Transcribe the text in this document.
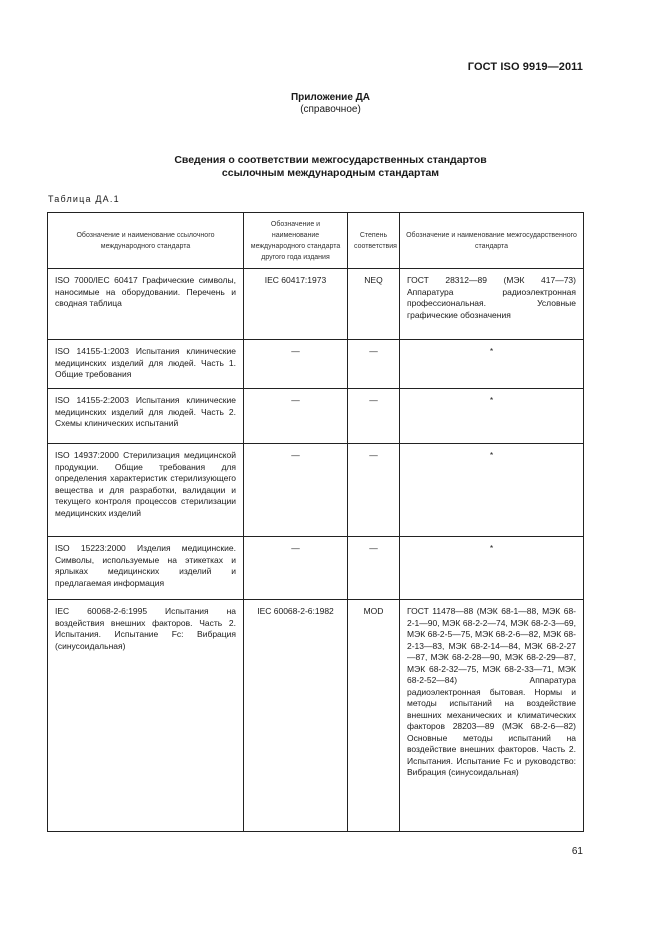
ГОСТ ISO 9919—2011
Приложение ДА
(справочное)
Сведения о соответствии межгосударственных стандартов
ссылочным международным стандартам
Таблица ДА.1
Обозначение и наименование ссылочного международного стандарта	Обозначение и наименование международного стандарта другого года издания	Степень соответствия	Обозначение и наименование межгосударственного стандарта

ISO 7000/IEC 60417 Графические символы, наносимые на оборудовании. Перечень и сводная таблица	IEC 60417:1973	NEQ	ГОСТ 28312—89 (МЭК 417—73) Аппаратура радиоэлектронная профессиональная. Условные графические обозначения

ISO 14155-1:2003 Испытания клинические медицинских изделий для людей. Часть 1. Общие требования	—	—	*

ISO 14155-2:2003 Испытания клинические медицинских изделий для людей. Часть 2. Схемы клинических испытаний	—	—	*

ISO 14937:2000 Стерилизация медицинской продукции. Общие требования для определения характеристик стерилизующего вещества и для разработки, валидации и текущего контроля процессов стерилизации медицинских изделий	—	—	*

ISO 15223:2000 Изделия медицинские. Символы, используемые на этикетках и ярлыках медицинских изделий и предлагаемая информация	—	—	*

IEC 60068-2-6:1995 Испытания на воздействия внешних факторов. Часть 2. Испытания. Испытание Fc: Вибрация (синусоидальная)	IEC 60068-2-6:1982	MOD	ГОСТ 11478—88 (МЭК 68-1—88, МЭК 68-2-1—90, МЭК 68-2-2—74, МЭК 68-2-3—69, МЭК 68-2-5—75, МЭК 68-2-6—82, МЭК 68-2-13—83, МЭК 68-2-14—84, МЭК 68-2-27—87, МЭК 68-2-28—90, МЭК 68-2-29—87, МЭК 68-2-32—75, МЭК 68-2-33—71, МЭК 68-2-52—84) Аппаратура радиоэлектронная бытовая. Нормы и методы испытаний на воздействие внешних механических и климатических факторов 28203—89 (МЭК 68-2-6—82) Основные методы испытаний на воздействие внешних факторов. Часть 2. Испытания. Испытание Fc и руководство: Вибрация (синусоидальная)
61
